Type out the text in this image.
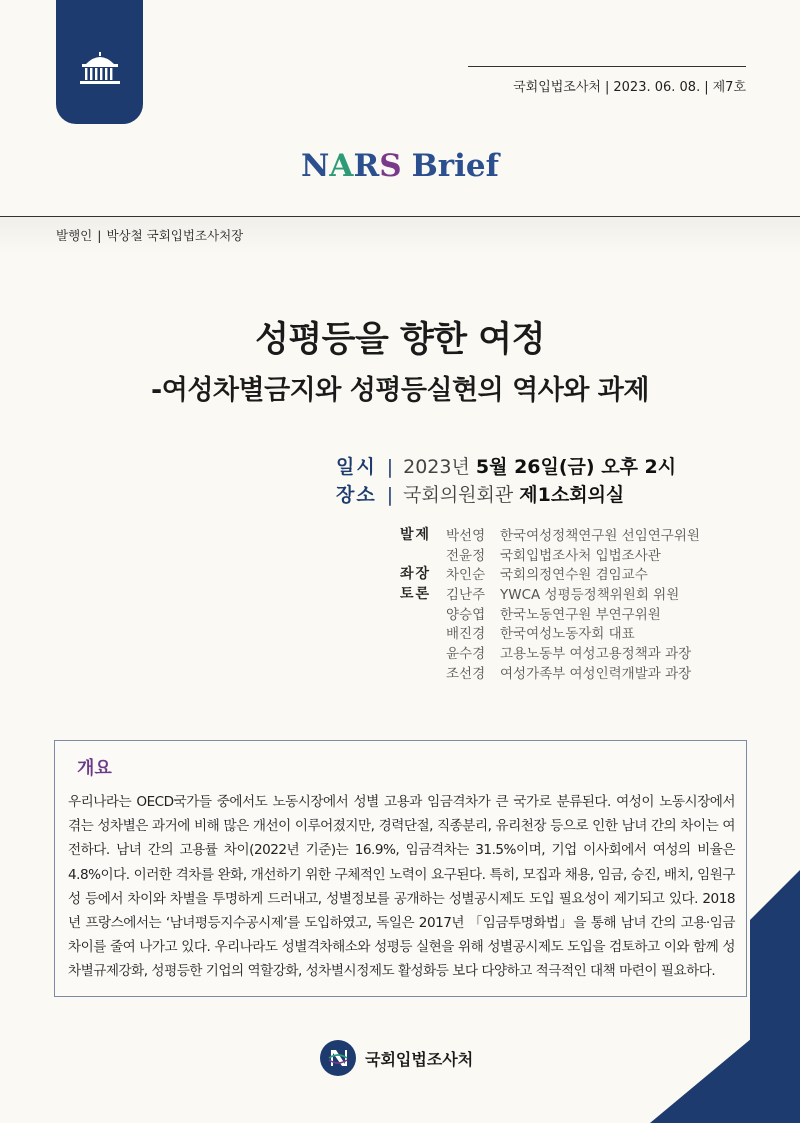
국회입법조사처 | 2023. 06. 08. | 제7호
NARS Brief
발행인 | 박상철 국회입법조사처장
성평등을 향한 여정
-여성차별금지와 성평등실현의 역사와 과제
일시 | 2023년 5월 26일(금) 오후 2시
장소 | 국회의원회관 제1소회의실
발제	박선영	한국여성정책연구원 선임연구위원
전윤정	국회입법조사처 입법조사관
좌장	차인순	국회의정연수원 겸임교수
토론	김난주	YWCA 성평등정책위원회 위원
양승엽	한국노동연구원 부연구위원
배진경	한국여성노동자회 대표
윤수경	고용노동부 여성고용정책과 과장
조선경	여성가족부 여성인력개발과 과장
개요

우리나라는 OECD국가들 중에서도 노동시장에서 성별 고용과 임금격차가 큰 국가로 분류된다. 여성이 노동시장에서 겪는 성차별은 과거에 비해 많은 개선이 이루어졌지만, 경력단절, 직종분리, 유리천장 등으로 인한 남녀 간의 차이는 여전하다. 남녀 간의 고용률 차이(2022년 기준)는 16.9%, 임금격차는 31.5%이며, 기업 이사회에서 여성의 비율은 4.8%이다. 이러한 격차를 완화, 개선하기 위한 구체적인 노력이 요구된다. 특히, 모집과 채용, 임금, 승진, 배치, 임원구성 등에서 차이와 차별을 투명하게 드러내고, 성별정보를 공개하는 성별공시제도 도입 필요성이 제기되고 있다. 2018년 프랑스에서는 ‘남녀평등지수공시제’를 도입하였고, 독일은 2017년 「임금투명화법」을 통해 남녀 간의 고용·임금 차이를 줄여 나가고 있다. 우리나라도 성별격차해소와 성평등 실현을 위해 성별공시제도 도입을 검토하고 이와 함께 성차별규제강화, 성평등한 기업의 역할강화, 성차별시정제도 활성화등 보다 다양하고 적극적인 대책 마련이 필요하다.

국회입법조사처
